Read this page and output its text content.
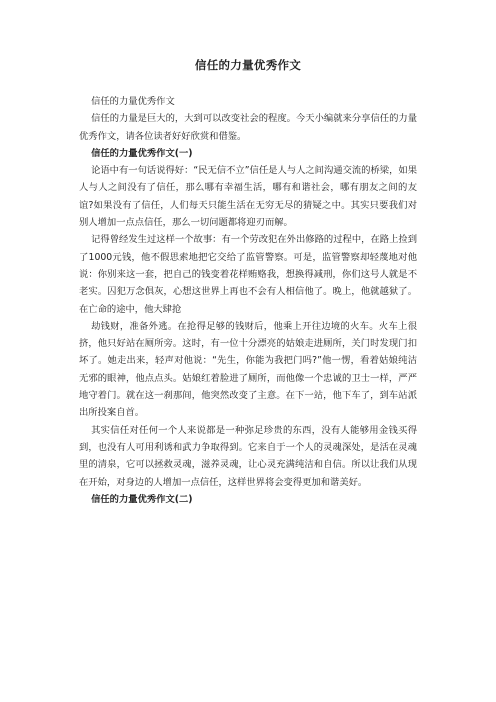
信任的力量优秀作文

信任的力量优秀作文

信任的力量是巨大的，大到可以改变社会的程度。今天小编就来分享信任的力量优秀作文，请各位读者好好欣赏和借鉴。

信任的力量优秀作文(一)

论语中有一句话说得好：“民无信不立”信任是人与人之间沟通交流的桥梁，如果人与人之间没有了信任，那么哪有幸福生活，哪有和谐社会，哪有朋友之间的友谊?如果没有了信任，人们每天只能生活在无穷无尽的猜疑之中。其实只要我们对别人增加一点点信任，那么一切问题都将迎刃而解。

记得曾经发生过这样一个故事：有一个劳改犯在外出修路的过程中，在路上捡到了1000元钱，他不假思索地把它交给了监管警察。可是，监管警察却轻蔑地对他说：你别来这一套，把自己的钱变着花样贿赂我，想换得减刑，你们这号人就是不老实。囚犯万念俱灰，心想这世界上再也不会有人相信他了。晚上，他就越狱了。在亡命的途中，他大肆抢

劫钱财，准备外逃。在抢得足够的钱财后，他乘上开往边境的火车。火车上很挤，他只好站在厕所旁。这时，有一位十分漂亮的姑娘走进厕所，关门时发现门扣坏了。她走出来，轻声对他说：“先生，你能为我把门吗?”他一愣，看着姑娘纯洁无邪的眼神，他点点头。姑娘红着脸进了厕所，而他像一个忠诚的卫士一样，严严地守着门。就在这一刹那间，他突然改变了主意。在下一站，他下车了，到车站派出所投案自首。

其实信任对任何一个人来说都是一种弥足珍贵的东西，没有人能够用金钱买得到，也没有人可用利诱和武力争取得到。它来自于一个人的灵魂深处，是活在灵魂里的清泉，它可以拯救灵魂，滋养灵魂，让心灵充满纯洁和自信。所以让我们从现在开始，对身边的人增加一点信任，这样世界将会变得更加和谐美好。

信任的力量优秀作文(二)
